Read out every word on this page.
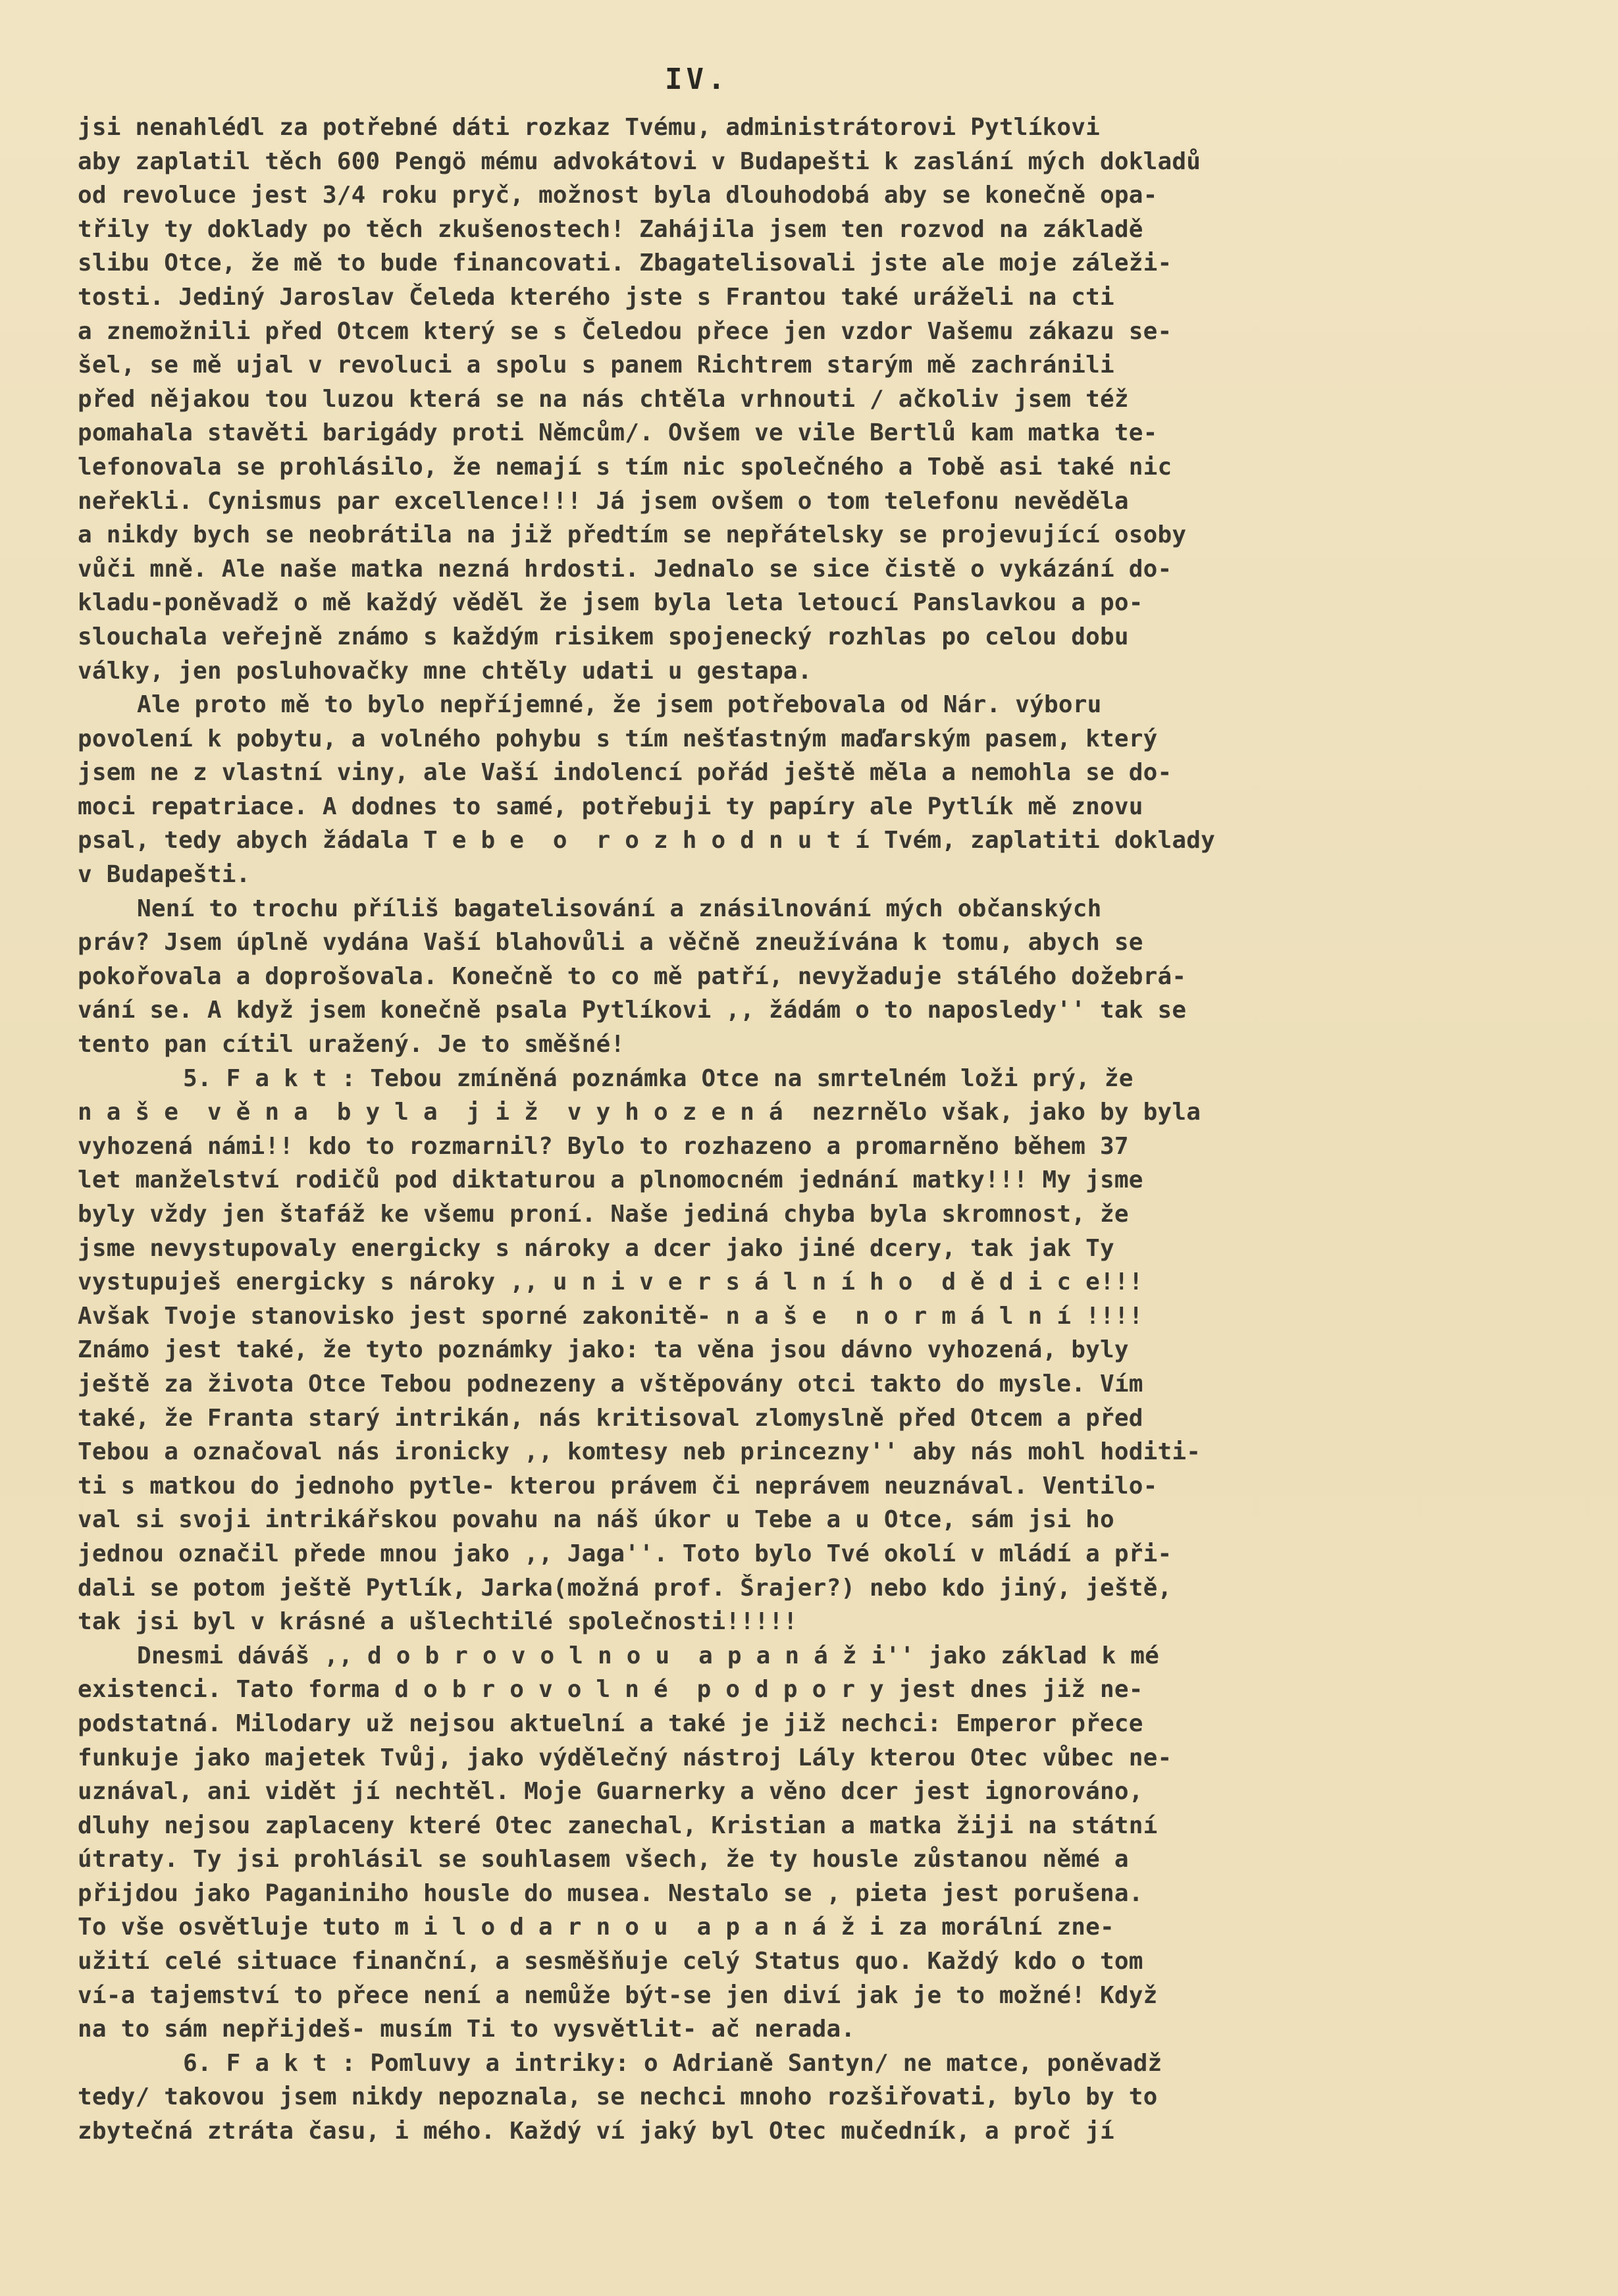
IV.
jsi nenahlédl za potřebné dáti rozkaz Tvému, administrátorovi Pytlíkovi
aby zaplatil těch 600 Pengö mému advokátovi v Budapešti k zaslání mých dokladů
od revoluce jest 3/4 roku pryč, možnost byla dlouhodobá aby se konečně opa-
třily ty doklady po těch zkušenostech! Zahájila jsem ten rozvod na základě
slibu Otce, že mě to bude financovati. Zbagatelisovali jste ale moje záleži-
tosti. Jediný Jaroslav Čeleda kterého jste s Frantou také uráželi na cti
a znemožnili před Otcem který se s Čeledou přece jen vzdor Vašemu zákazu se-
šel, se mě ujal v revoluci a spolu s panem Richtrem starým mě zachránili
před nějakou tou luzou která se na nás chtěla vrhnouti / ačkoliv jsem též
pomahala stavěti barigády proti Němcům/. Ovšem ve vile Bertlů kam matka te-
lefonovala se prohlásilo, že nemají s tím nic společného a Tobě asi také nic
neřekli. Cynismus par excellence!!! Já jsem ovšem o tom telefonu nevěděla
a nikdy bych se neobrátila na již předtím se nepřátelsky se projevující osoby
vůči mně. Ale naše matka nezná hrdosti. Jednalo se sice čistě o vykázání do-
kladu-poněvadž o mě každý věděl že jsem byla leta letoucí Panslavkou a po-
slouchala veřejně známo s každým risikem spojenecký rozhlas po celou dobu
války, jen posluhovačky mne chtěly udati u gestapa.
Ale proto mě to bylo nepříjemné, že jsem potřebovala od Nár. výboru
povolení k pobytu, a volného pohybu s tím nešťastným maďarským pasem, který
jsem ne z vlastní viny, ale Vaší indolencí pořád ještě měla a nemohla se do-
moci repatriace. A dodnes to samé, potřebuji ty papíry ale Pytlík mě znovu
psal, tedy abych žádala T e b e  o  r o z h o d n u t í Tvém, zaplatiti doklady
v Budapešti.
Není to trochu příliš bagatelisování a znásilnování mých občanských
práv? Jsem úplně vydána Vaší blahovůli a věčně zneužívána k tomu, abych se
pokořovala a doprošovala. Konečně to co mě patří, nevyžaduje stálého dožebrá-
vání se. A když jsem konečně psala Pytlíkovi ,, žádám o to naposledy'' tak se
tento pan cítil uražený. Je to směšné!
5. F a k t : Tebou zmíněná poznámka Otce na smrtelném loži prý, že
n a š e  v ě n a  b y l a  j i ž  v y h o z e n á  nezrnělo však, jako by byla
vyhozená námi!! kdo to rozmarnil? Bylo to rozhazeno a promarněno během 37
let manželství rodičů pod diktaturou a plnomocném jednání matky!!! My jsme
byly vždy jen štafáž ke všemu proní. Naše jediná chyba byla skromnost, že
jsme nevystupovaly energicky s nároky a dcer jako jiné dcery, tak jak Ty
vystupuješ energicky s nároky ,, u n i v e r s á l n í h o  d ě d i c e!!!
Avšak Tvoje stanovisko jest sporné zakonitě- n a š e  n o r m á l n í !!!!
Známo jest také, že tyto poznámky jako: ta věna jsou dávno vyhozená, byly
ještě za života Otce Tebou podnezeny a vštěpovány otci takto do mysle. Vím
také, že Franta starý intrikán, nás kritisoval zlomyslně před Otcem a před
Tebou a označoval nás ironicky ,, komtesy neb princezny'' aby nás mohl hoditi-
ti s matkou do jednoho pytle- kterou právem či neprávem neuznával. Ventilo-
val si svoji intrikářskou povahu na náš úkor u Tebe a u Otce, sám jsi ho
jednou označil přede mnou jako ,, Jaga''. Toto bylo Tvé okolí v mládí a při-
dali se potom ještě Pytlík, Jarka(možná prof. Šrajer?) nebo kdo jiný, ještě,
tak jsi byl v krásné a ušlechtilé společnosti!!!!!
Dnesmi dáváš ,, d o b r o v o l n o u  a p a n á ž i'' jako základ k mé
existenci. Tato forma d o b r o v o l n é  p o d p o r y jest dnes již ne-
podstatná. Milodary už nejsou aktuelní a také je již nechci: Emperor přece
funkuje jako majetek Tvůj, jako výdělečný nástroj Lály kterou Otec vůbec ne-
uznával, ani vidět jí nechtěl. Moje Guarnerky a věno dcer jest ignorováno,
dluhy nejsou zaplaceny které Otec zanechal, Kristian a matka žiji na státní
útraty. Ty jsi prohlásil se souhlasem všech, že ty housle zůstanou němé a
přijdou jako Paganiniho housle do musea. Nestalo se , pieta jest porušena.
To vše osvětluje tuto m i l o d a r n o u  a p a n á ž i za morální zne-
užití celé situace finanční, a sesměšňuje celý Status quo. Každý kdo o tom
ví-a tajemství to přece není a nemůže být-se jen diví jak je to možné! Když
na to sám nepřijdeš- musím Ti to vysvětlit- ač nerada.
6. F a k t : Pomluvy a intriky: o Adrianě Santyn/ ne matce, poněvadž
tedy/ takovou jsem nikdy nepoznala, se nechci mnoho rozšiřovati, bylo by to
zbytečná ztráta času, i mého. Každý ví jaký byl Otec mučedník, a proč jí
